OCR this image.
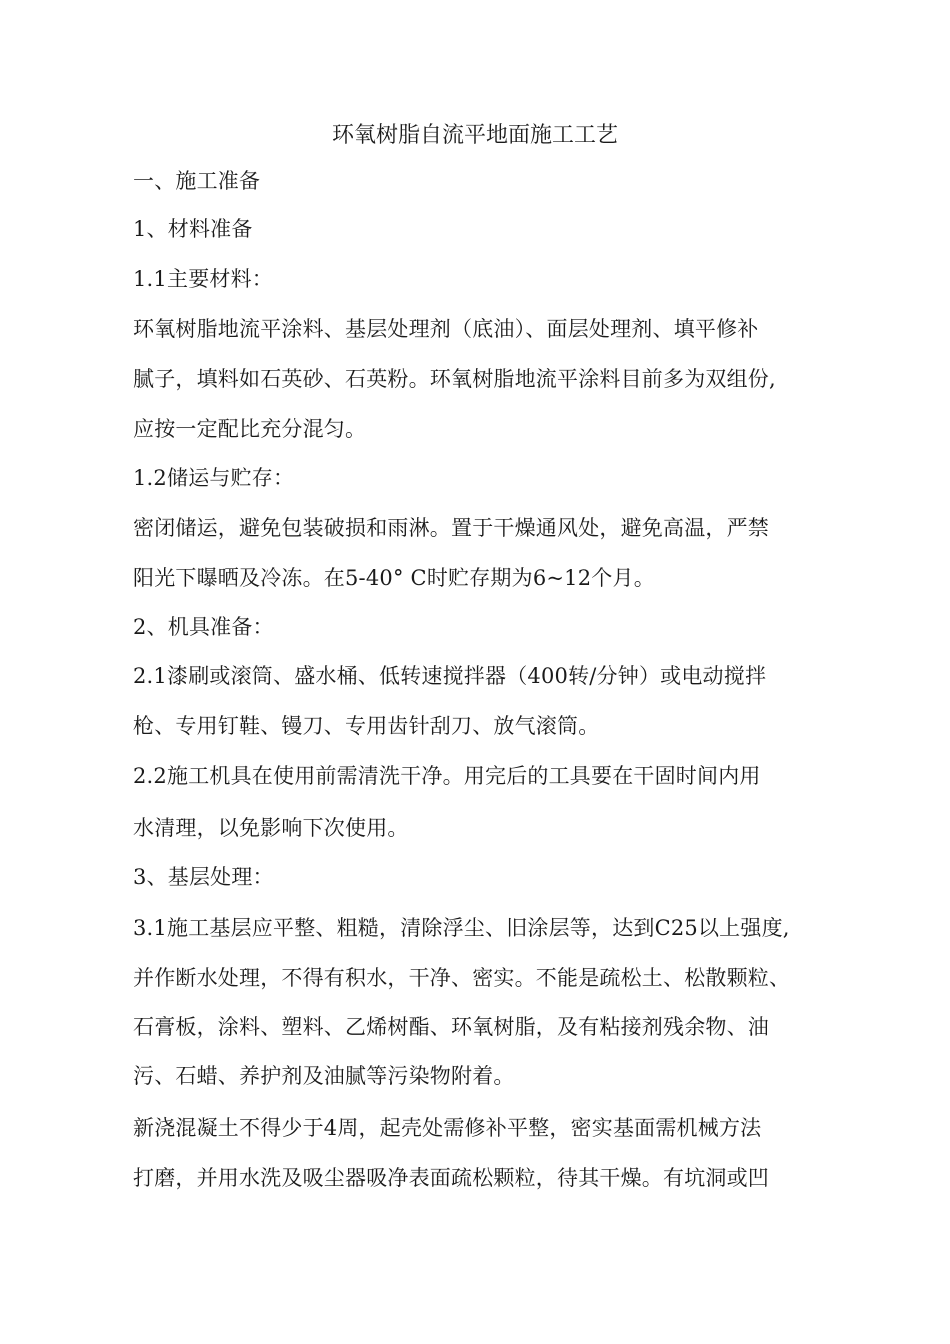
环氧树脂自流平地面施工工艺
一、施工准备
1、材料准备
1.1主要材料：
环氧树脂地流平涂料、基层处理剂（底油）、面层处理剂、填平修补
腻子，填料如石英砂、石英粉。环氧树脂地流平涂料目前多为双组份,
应按一定配比充分混匀。
1.2储运与贮存：
密闭储运，避免包装破损和雨淋。置于干燥通风处，避免高温，严禁
阳光下曝晒及冷冻。在5-40° C时贮存期为6~12个月。
2、机具准备：
2.1漆刷或滚筒、盛水桶、低转速搅拌器（400转/分钟）或电动搅拌
枪、专用钉鞋、镘刀、专用齿针刮刀、放气滚筒。
2.2施工机具在使用前需清洗干净。用完后的工具要在干固时间内用
水清理，以免影响下次使用。
3、基层处理：
3.1施工基层应平整、粗糙，清除浮尘、旧涂层等，达到C25以上强度,
并作断水处理，不得有积水，干净、密实。不能是疏松土、松散颗粒、
石膏板，涂料、塑料、乙烯树酯、环氧树脂，及有粘接剂残余物、油
污、石蜡、养护剂及油腻等污染物附着。
新浇混凝土不得少于4周，起壳处需修补平整，密实基面需机械方法
打磨，并用水洗及吸尘器吸净表面疏松颗粒，待其干燥。有坑洞或凹
